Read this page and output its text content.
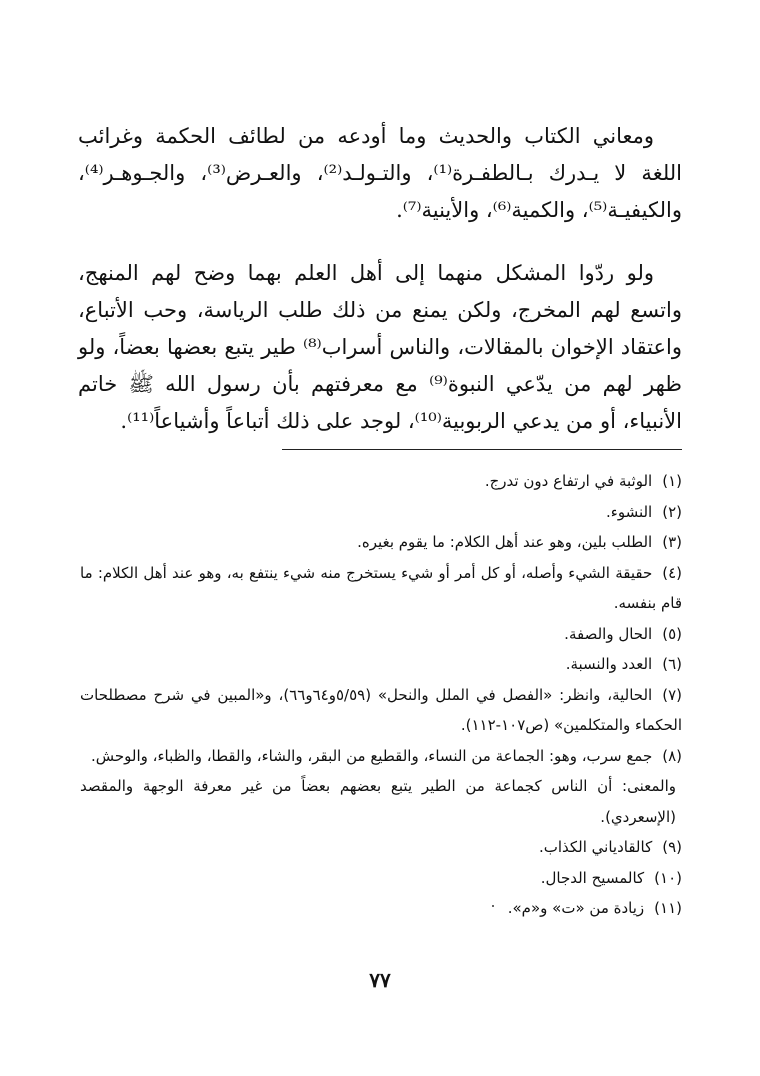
ومعاني الكتاب والحديث وما أودعه من لطائف الحكمة وغرائب اللغة لا يـدرك بـالطفـرة⁽¹⁾، والتـولـد⁽²⁾، والعـرض⁽³⁾، والجـوهـر⁽⁴⁾، والكيفيـة⁽⁵⁾، والكمية⁽⁶⁾، والأينية⁽⁷⁾.

ولو ردّوا المشكل منهما إلى أهل العلم بهما وضح لهم المنهج، واتسع لهم المخرج، ولكن يمنع من ذلك طلب الرياسة، وحب الأتباع، واعتقاد الإخوان بالمقالات، والناس أسراب⁽⁸⁾ طير يتبع بعضها بعضاً، ولو ظهر لهم من يدّعي النبوة⁽⁹⁾ مع معرفتهم بأن رسول الله ﷺ خاتم الأنبياء، أو من يدعي الربوبية⁽¹⁰⁾، لوجد على ذلك أتباعاً وأشياعاً⁽¹¹⁾.

(١)الوثبة في ارتفاع دون تدرج.

(٢)النشوء.

(٣)الطلب بلين، وهو عند أهل الكلام: ما يقوم بغيره.

(٤)حقيقة الشيء وأصله، أو كل أمر أو شيء يستخرج منه شيء ينتفع به، وهو عند أهل الكلام: ما قام بنفسه.

(٥)الحال والصفة.

(٦)العدد والنسبة.

(٧)الحالية، وانظر: «الفصل في الملل والنحل» (٥/٥٩و٦٤و٦٦)، و«المبين في شرح مصطلحات الحكماء والمتكلمين» (ص١٠٧-١١٢).

(٨)جمع سرب، وهو: الجماعة من النساء، والقطيع من البقر، والشاء، والقطا، والظباء، والوحش.

والمعنى: أن الناس كجماعة من الطير يتبع بعضهم بعضاً من غير معرفة الوجهة والمقصد (الإسعردي).

(٩)كالقادياني الكذاب.

(١٠)كالمسيح الدجال.

(١١)زيادة من «ت» و«م».

٧٧
